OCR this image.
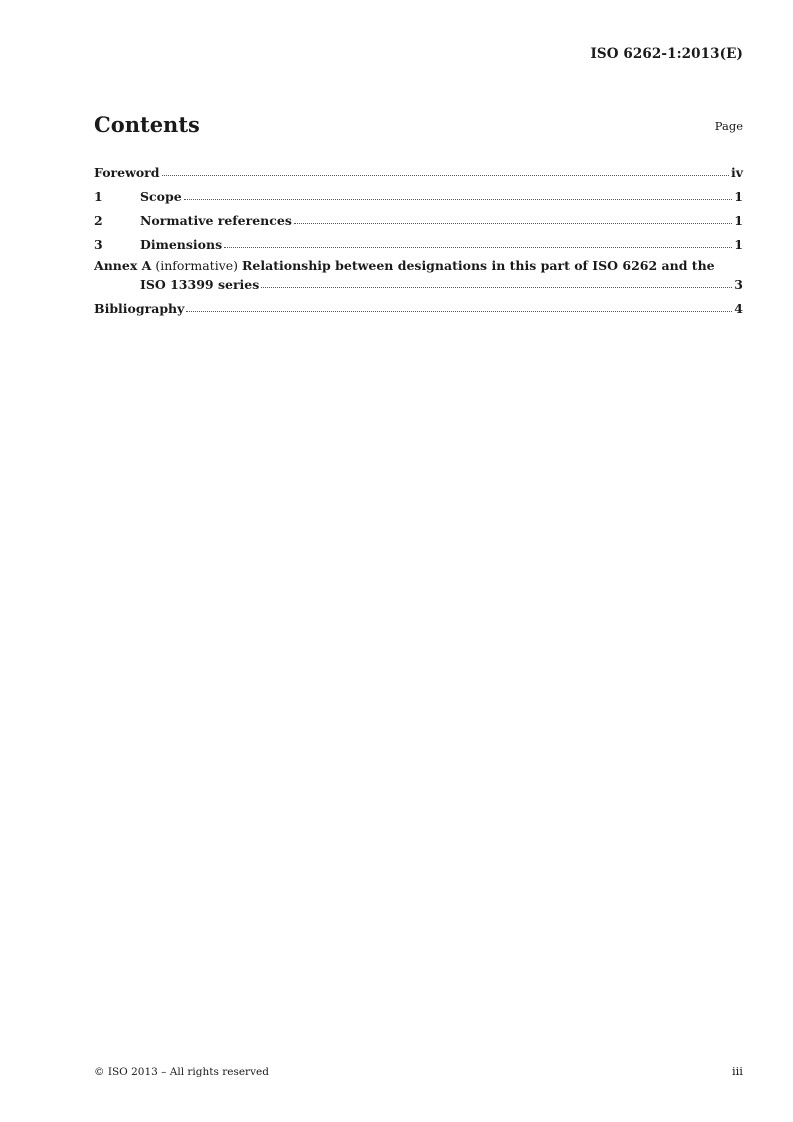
ISO 6262-1:2013(E)
Contents	Page
Foreword	iv
1	Scope	1
2	Normative references	1
3	Dimensions	1
Annex A (informative) Relationship between designations in this part of ISO 6262 and the
ISO 13399 series	3
Bibliography	4
© ISO 2013 – All rights reserved	iii
